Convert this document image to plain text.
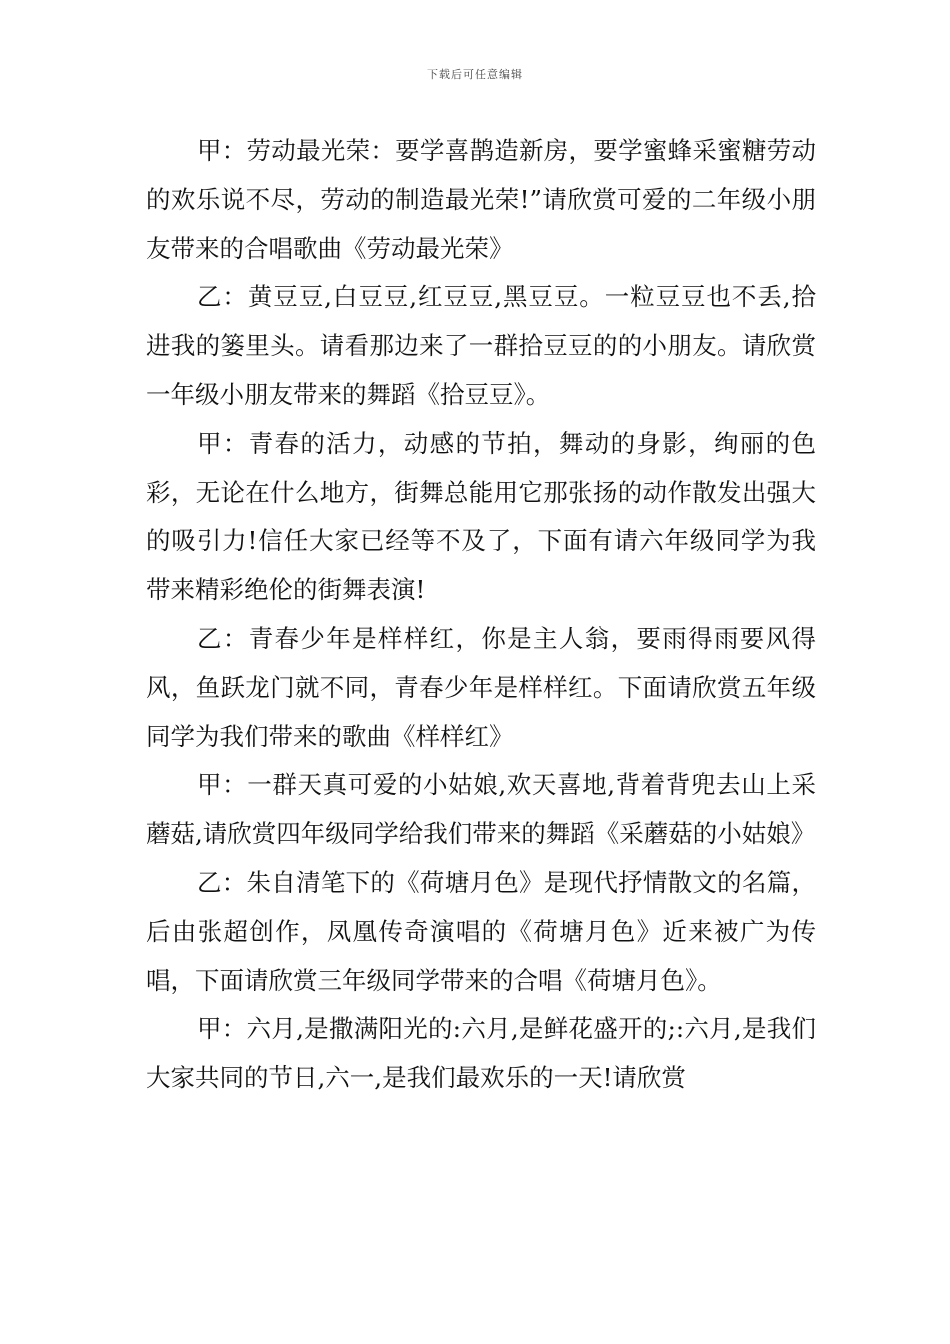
下载后可任意编辑

甲：劳动最光荣：要学喜鹊造新房，要学蜜蜂采蜜糖劳动的欢乐说不尽，劳动的制造最光荣!”请欣赏可爱的二年级小朋友带来的合唱歌曲《劳动最光荣》

乙：黄豆豆,白豆豆,红豆豆,黑豆豆。一粒豆豆也不丢,拾进我的篓里头。请看那边来了一群拾豆豆的的小朋友。请欣赏一年级小朋友带来的舞蹈《拾豆豆》。

甲：青春的活力，动感的节拍，舞动的身影，绚丽的色彩，无论在什么地方，街舞总能用它那张扬的动作散发出强大的吸引力!信任大家已经等不及了，下面有请六年级同学为我带来精彩绝伦的街舞表演!

乙：青春少年是样样红，你是主人翁，要雨得雨要风得风，鱼跃龙门就不同，青春少年是样样红。下面请欣赏五年级同学为我们带来的歌曲《样样红》

甲：一群天真可爱的小姑娘,欢天喜地,背着背兜去山上采蘑菇,请欣赏四年级同学给我们带来的舞蹈《采蘑菇的小姑娘》

乙：朱自清笔下的《荷塘月色》是现代抒情散文的名篇，后由张超创作，凤凰传奇演唱的《荷塘月色》近来被广为传唱，下面请欣赏三年级同学带来的合唱《荷塘月色》。

甲：六月,是撒满阳光的:六月,是鲜花盛开的;:六月,是我们大家共同的节日,六一,是我们最欢乐的一天!请欣赏
